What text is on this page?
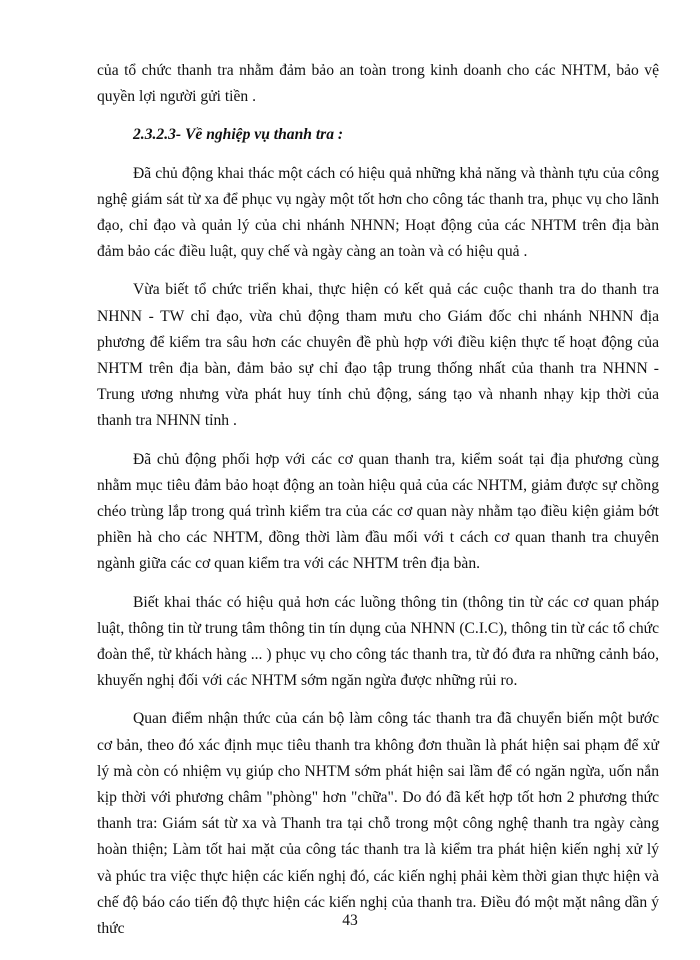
của tổ chức thanh tra nhằm đảm bảo an toàn trong kinh doanh cho các NHTM, bảo vệ quyền lợi người gửi tiền .

2.3.2.3- Về nghiệp vụ thanh tra :

Đã chủ động khai thác một cách có hiệu quả những khả năng và thành tựu của công nghệ giám sát từ xa để phục vụ ngày một tốt hơn cho công tác thanh tra, phục vụ cho lãnh đạo, chỉ đạo và quản lý của chi nhánh NHNN; Hoạt động của các NHTM trên địa bàn đảm bảo các điều luật, quy chế và ngày càng an toàn và có hiệu quả .

Vừa biết tổ chức triển khai, thực hiện có kết quả các cuộc thanh tra do thanh tra NHNN - TW chỉ đạo, vừa chủ động tham mưu cho Giám đốc chi nhánh NHNN địa phương để kiểm tra sâu hơn các chuyên đề phù hợp với điều kiện thực tế hoạt động của NHTM trên địa bàn, đảm bảo sự chỉ đạo tập trung thống nhất của thanh tra NHNN - Trung ương nhưng vừa phát huy tính chủ động, sáng tạo và nhanh nhạy kịp thời của thanh tra NHNN tỉnh .

Đã chủ động phối hợp với các cơ quan thanh tra, kiểm soát tại địa phương cùng nhằm mục tiêu đảm bảo hoạt động an toàn hiệu quả của các NHTM, giảm được sự chồng chéo trùng lắp trong quá trình kiểm tra của các cơ quan này nhằm tạo điều kiện giảm bớt phiền hà cho các NHTM, đồng thời làm đầu mối với t cách cơ quan thanh tra chuyên ngành giữa các cơ quan kiểm tra với các NHTM trên địa bàn.

Biết khai thác có hiệu quả hơn các luồng thông tin (thông tin từ các cơ quan pháp luật, thông tin từ trung tâm thông tin tín dụng của NHNN (C.I.C), thông tin từ các tổ chức đoàn thể, từ khách hàng ... ) phục vụ cho công tác thanh tra, từ đó đưa ra những cảnh báo, khuyến nghị đối với các NHTM sớm ngăn ngừa được những rủi ro.

Quan điểm nhận thức của cán bộ làm công tác thanh tra đã chuyển biến một bước cơ bản, theo đó xác định mục tiêu thanh tra không đơn thuần là phát hiện sai phạm để xử lý mà còn có nhiệm vụ giúp cho NHTM sớm phát hiện sai lầm để có ngăn ngừa, uốn nắn kịp thời với phương châm "phòng" hơn "chữa". Do đó đã kết hợp tốt hơn 2 phương thức thanh tra: Giám sát từ xa và Thanh tra tại chỗ trong một công nghệ thanh tra ngày càng hoàn thiện; Làm tốt hai mặt của công tác thanh tra là kiểm tra phát hiện kiến nghị xử lý và phúc tra việc thực hiện các kiến nghị đó, các kiến nghị phải kèm thời gian thực hiện và chế độ báo cáo tiến độ thực hiện các kiến nghị của thanh tra. Điều đó một mặt nâng dần ý thức	43
